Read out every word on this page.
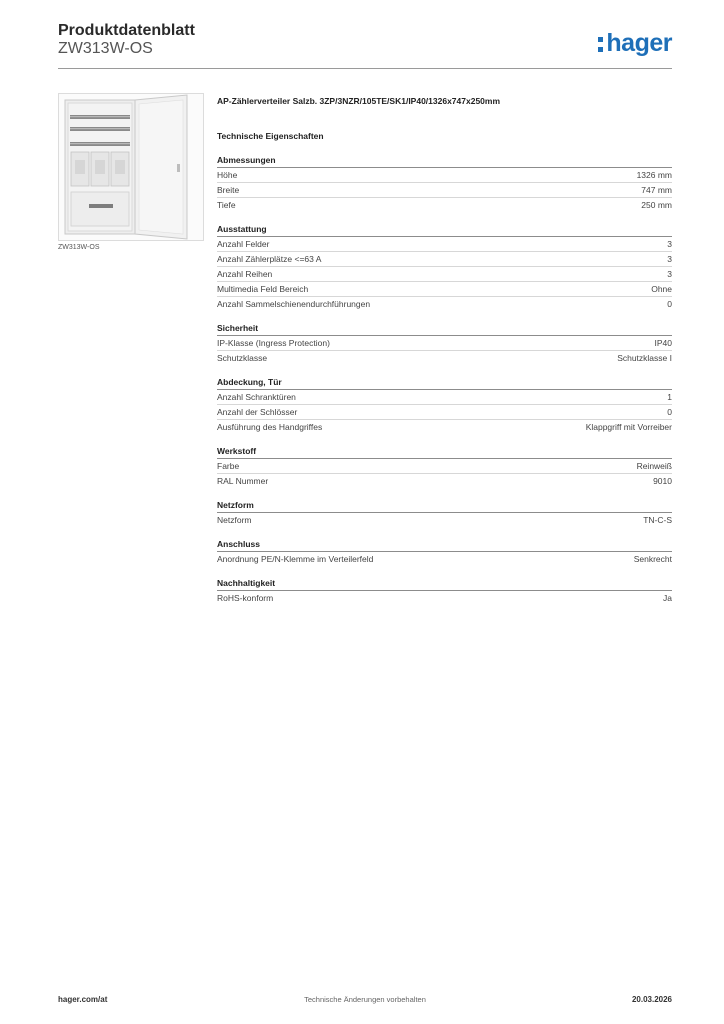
Produktdatenblatt
ZW313W-OS	hager
ZW313W-OS
AP-Zählerverteiler Salzb. 3ZP/3NZR/105TE/SK1/IP40/1326x747x250mm
Technische Eigenschaften
Abmessungen
Höhe	1326 mm
Breite	747 mm
Tiefe	250 mm
Ausstattung
Anzahl Felder	3
Anzahl Zählerplätze <=63 A	3
Anzahl Reihen	3
Multimedia Feld Bereich	Ohne
Anzahl Sammelschienendurchführungen	0
Sicherheit
IP-Klasse (Ingress Protection)	IP40
Schutzklasse	Schutzklasse I
Abdeckung, Tür
Anzahl Schranktüren	1
Anzahl der Schlösser	0
Ausführung des Handgriffes	Klappgriff mit Vorreiber
Werkstoff
Farbe	Reinweiß
RAL Nummer	9010
Netzform
Netzform	TN-C-S
Anschluss
Anordnung PE/N-Klemme im Verteilerfeld	Senkrecht
Nachhaltigkeit
RoHS-konform	Ja
hager.com/at	Technische Änderungen vorbehalten	20.03.2026
